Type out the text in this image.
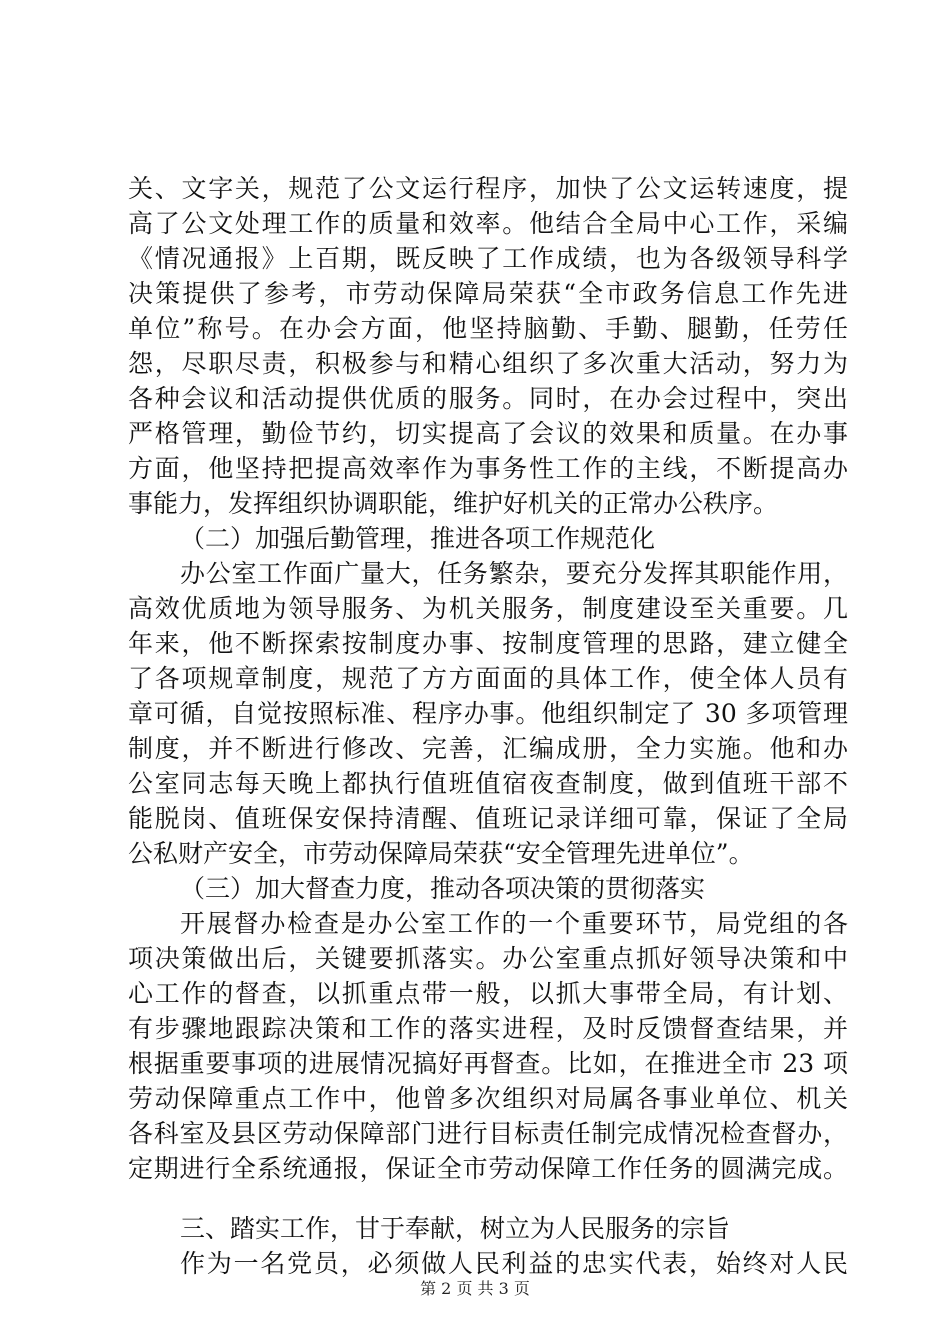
关、文字关，规范了公文运行程序，加快了公文运转速度，提
高了公文处理工作的质量和效率。他结合全局中心工作，采编
《情况通报》上百期，既反映了工作成绩，也为各级领导科学
决策提供了参考，市劳动保障局荣获“全市政务信息工作先进
单位”称号。在办会方面，他坚持脑勤、手勤、腿勤，任劳任
怨，尽职尽责，积极参与和精心组织了多次重大活动，努力为
各种会议和活动提供优质的服务。同时，在办会过程中，突出
严格管理，勤俭节约，切实提高了会议的效果和质量。在办事
方面，他坚持把提高效率作为事务性工作的主线，不断提高办
事能力，发挥组织协调职能，维护好机关的正常办公秩序。
（二）加强后勤管理，推进各项工作规范化
办公室工作面广量大，任务繁杂，要充分发挥其职能作用，
高效优质地为领导服务、为机关服务，制度建设至关重要。几
年来，他不断探索按制度办事、按制度管理的思路，建立健全
了各项规章制度，规范了方方面面的具体工作，使全体人员有
章可循，自觉按照标准、程序办事。他组织制定了 30 多项管理
制度，并不断进行修改、完善，汇编成册，全力实施。他和办
公室同志每天晚上都执行值班值宿夜查制度，做到值班干部不
能脱岗、值班保安保持清醒、值班记录详细可靠，保证了全局
公私财产安全，市劳动保障局荣获“安全管理先进单位”。
（三）加大督查力度，推动各项决策的贯彻落实
开展督办检查是办公室工作的一个重要环节，局党组的各
项决策做出后，关键要抓落实。办公室重点抓好领导决策和中
心工作的督查，以抓重点带一般，以抓大事带全局，有计划、
有步骤地跟踪决策和工作的落实进程，及时反馈督查结果，并
根据重要事项的进展情况搞好再督查。比如，在推进全市 23 项
劳动保障重点工作中，他曾多次组织对局属各事业单位、机关
各科室及县区劳动保障部门进行目标责任制完成情况检查督办，
定期进行全系统通报，保证全市劳动保障工作任务的圆满完成。
三、踏实工作，甘于奉献，树立为人民服务的宗旨
作为一名党员，必须做人民利益的忠实代表，始终对人民
第 2 页 共 3 页
